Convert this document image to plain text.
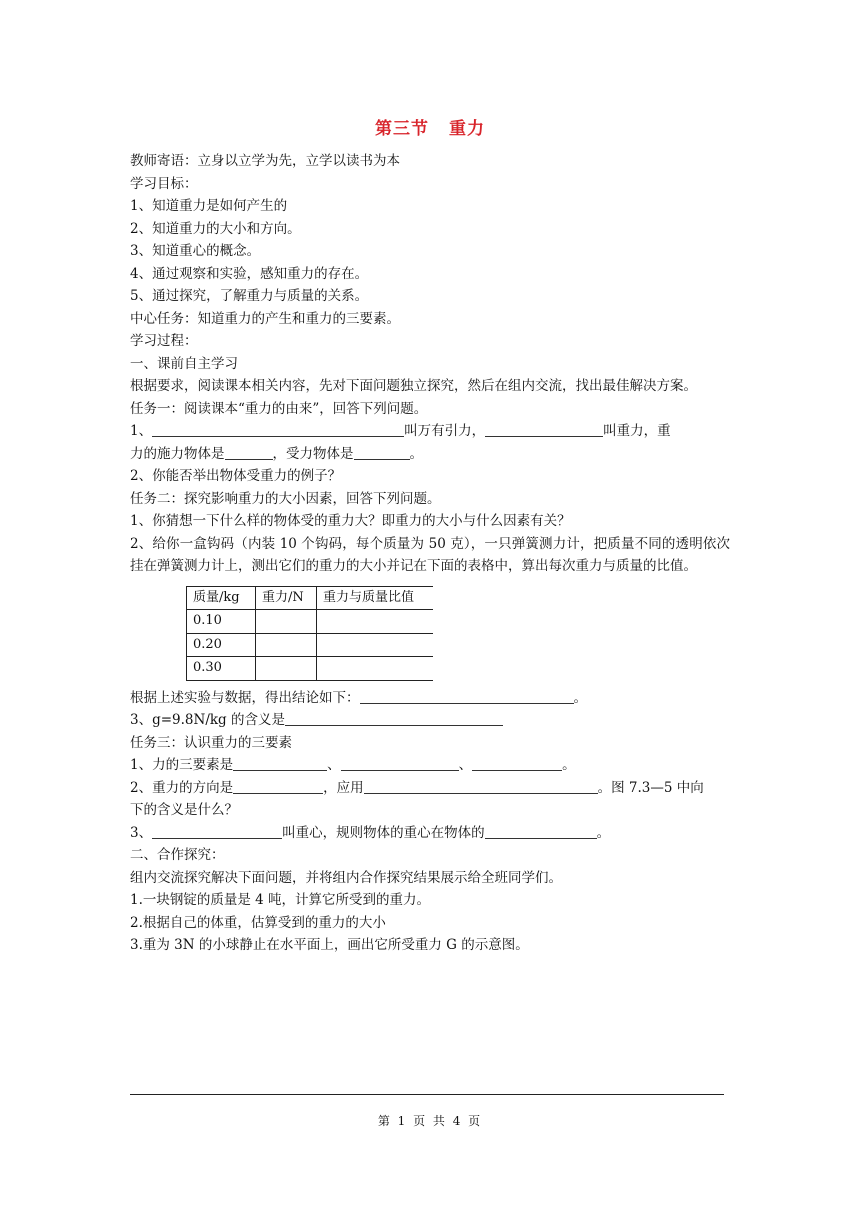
第三节 重力

教师寄语：立身以立学为先，立学以读书为本

学习目标：

1、知道重力是如何产生的

2、知道重力的大小和方向。

3、知道重心的概念。

4、通过观察和实验，感知重力的存在。

5、通过探究，了解重力与质量的关系。

中心任务：知道重力的产生和重力的三要素。

学习过程：

一、课前自主学习

根据要求，阅读课本相关内容，先对下面问题独立探究，然后在组内交流，找出最佳解决方案。

任务一：阅读课本“重力的由来”，回答下列问题。

1、	叫万有引力，	叫重力，重

力的施力物体是	，受力物体是	。

2、你能否举出物体受重力的例子？

任务二：探究影响重力的大小因素，回答下列问题。

1、你猜想一下什么样的物体受的重力大？即重力的大小与什么因素有关？

2、给你一盒钩码（内装 10 个钩码，每个质量为 50 克），一只弹簧测力计，把质量不同的透明依次挂在弹簧测力计上，测出它们的重力的大小并记在下面的表格中，算出每次重力与质量的比值。

质量/kg	重力/N	重力与质量比值
0.10		
0.20		
0.30		

根据上述实验与数据，得出结论如下：	。

3、g=9.8N/kg 的含义是

任务三：认识重力的三要素

1、力的三要素是	、	、	。

2、重力的方向是	，应用	。图 7.3—5 中向

下的含义是什么？

3、	叫重心，规则物体的重心在物体的	。

二、合作探究：

组内交流探究解决下面问题，并将组内合作探究结果展示给全班同学们。

1.一块钢锭的质量是 4 吨，计算它所受到的重力。

2.根据自己的体重，估算受到的重力的大小

3.重为 3N 的小球静止在水平面上，画出它所受重力 G 的示意图。

第 1 页 共 4 页
